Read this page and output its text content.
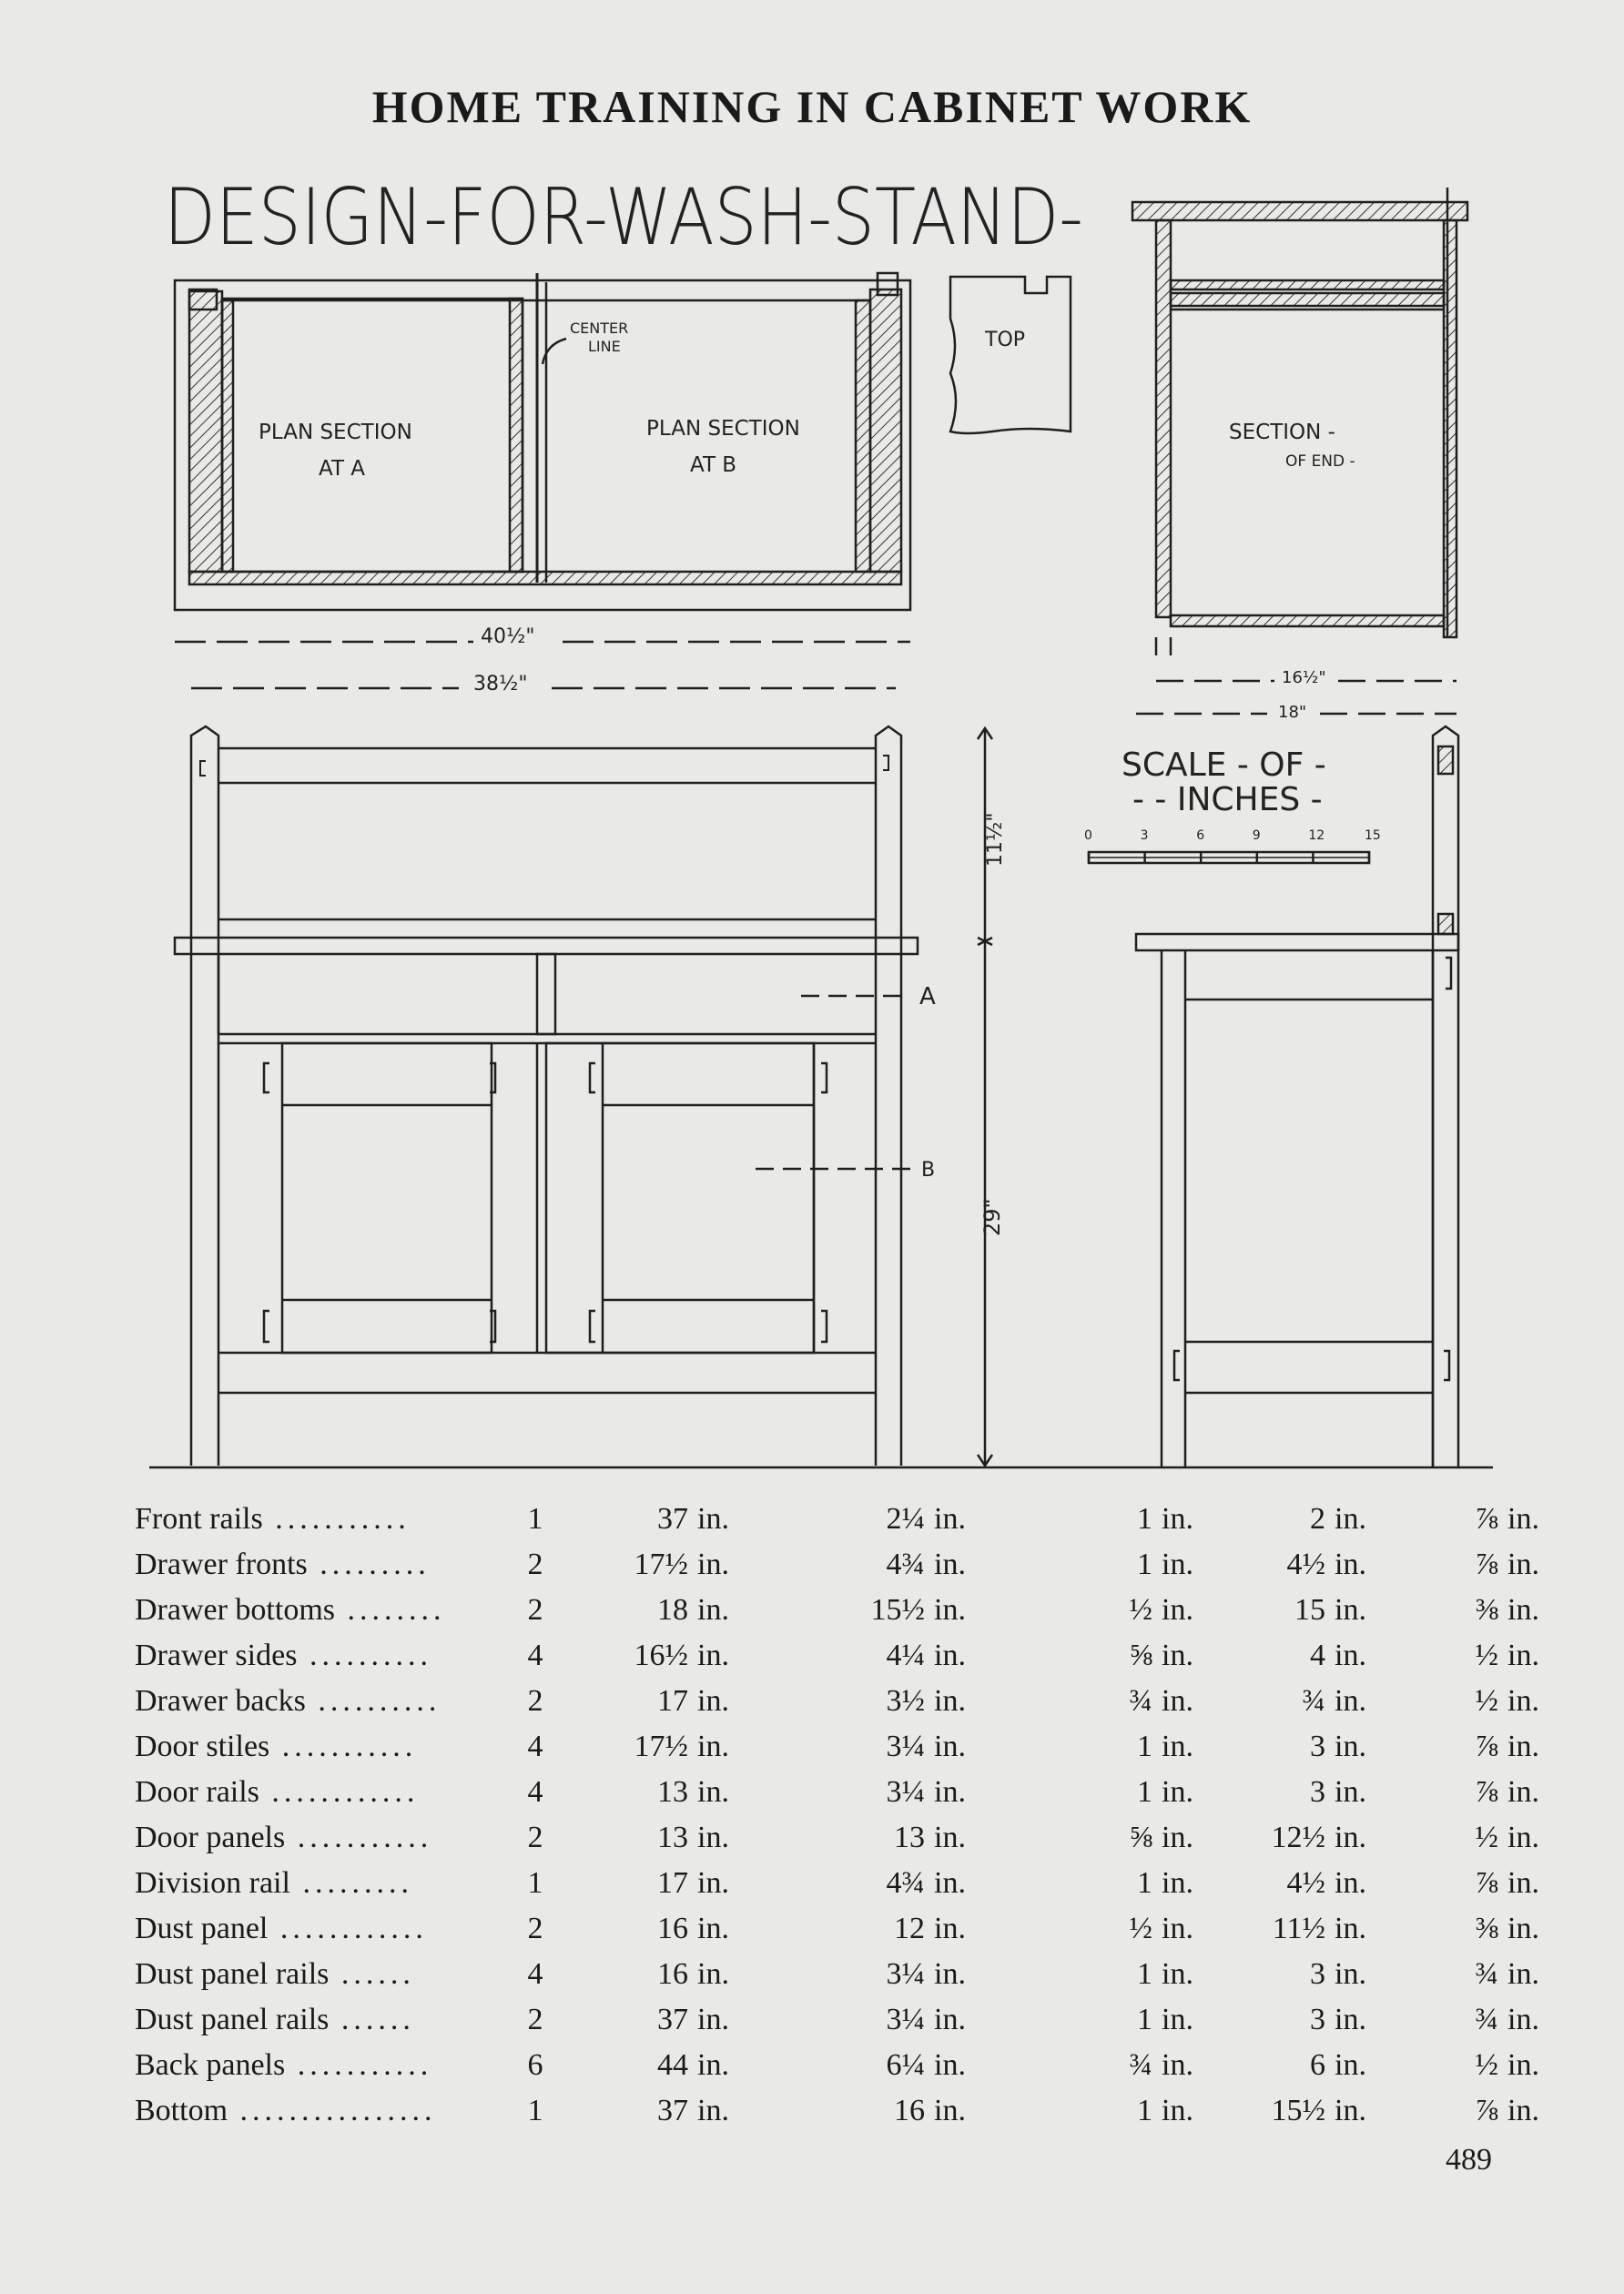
HOME TRAINING IN CABINET WORK
DESIGN-FOR-WASH-STAND-
CENTER
LINE
PLAN SECTION
AT A
PLAN SECTION
AT B
40½"
38½"
TOP
SECTION -
OF END -
16½"
18"
A
B
11½"
29"
SCALE - OF -
- - INCHES -
0	3	6	9	12	15
Front rails ...........	1		37	in.	2¼	in.	1	in.	2	in.	⅞	in.
Drawer fronts .........	2		17½	in.	4¾	in.	1	in.	4½	in.	⅞	in.
Drawer bottoms ........	2		18	in.	15½	in.	½	in.	15	in.	⅜	in.
Drawer sides ..........	4		16½	in.	4¼	in.	⅝	in.	4	in.	½	in.
Drawer backs ..........	2		17	in.	3½	in.	¾	in.	¾	in.	½	in.
Door stiles ...........	4		17½	in.	3¼	in.	1	in.	3	in.	⅞	in.
Door rails ............	4		13	in.	3¼	in.	1	in.	3	in.	⅞	in.
Door panels ...........	2		13	in.	13	in.	⅝	in.	12½	in.	½	in.
Division rail .........	1		17	in.	4¾	in.	1	in.	4½	in.	⅞	in.
Dust panel ............	2		16	in.	12	in.	½	in.	11½	in.	⅜	in.
Dust panel rails ......	4		16	in.	3¼	in.	1	in.	3	in.	¾	in.
Dust panel rails ......	2		37	in.	3¼	in.	1	in.	3	in.	¾	in.
Back panels ...........	6		44	in.	6¼	in.	¾	in.	6	in.	½	in.
Bottom ................	1		37	in.	16	in.	1	in.	15½	in.	⅞	in.
489
